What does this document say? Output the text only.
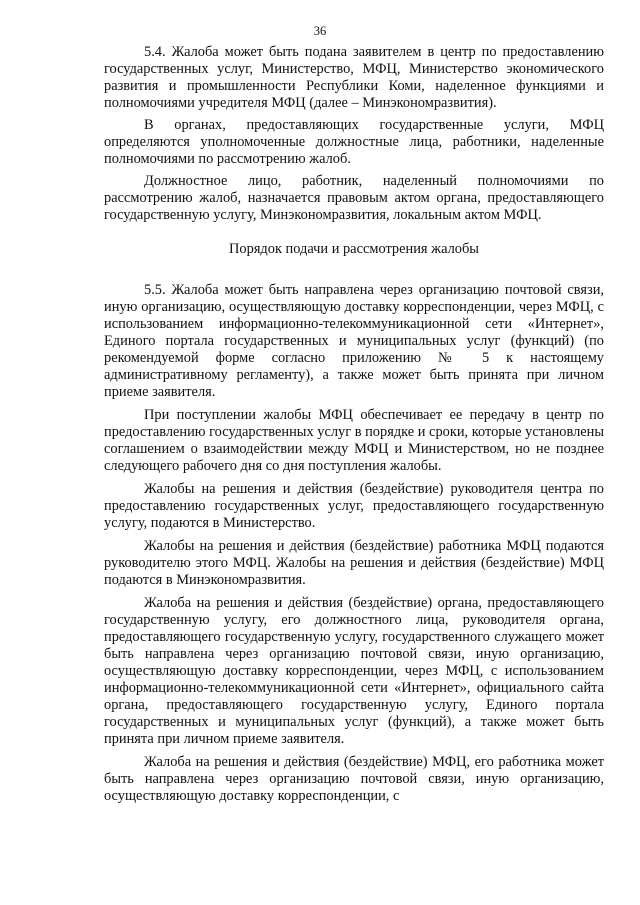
36

5.4. Жалоба может быть подана заявителем в центр по предоставлению государственных услуг, Министерство, МФЦ, Министерство экономического развития и промышленности Республики Коми, наделенное функциями и полномочиями учредителя МФЦ (далее – Минэкономразвития).

В органах, предоставляющих государственные услуги, МФЦ определяются уполномоченные должностные лица, работники, наделенные полномочиями по рассмотрению жалоб.

Должностное лицо, работник, наделенный полномочиями по рассмотрению жалоб, назначается правовым актом органа, предоставляющего государственную услугу, Минэкономразвития, локальным актом МФЦ.

Порядок подачи и рассмотрения жалобы

5.5. Жалоба может быть направлена через организацию почтовой связи, иную организацию, осуществляющую доставку корреспонденции, через МФЦ, с использованием информационно-телекоммуникационной сети «Интернет», Единого портала государственных и муниципальных услуг (функций) (по рекомендуемой форме согласно приложению № 5 к настоящему административному регламенту), а также может быть принята при личном приеме заявителя.

При поступлении жалобы МФЦ обеспечивает ее передачу в центр по предоставлению государственных услуг в порядке и сроки, которые установлены соглашением о взаимодействии между МФЦ и Министерством, но не позднее следующего рабочего дня со дня поступления жалобы.

Жалобы на решения и действия (бездействие) руководителя центра по предоставлению государственных услуг, предоставляющего государственную услугу, подаются в Министерство.

Жалобы на решения и действия (бездействие) работника МФЦ подаются руководителю этого МФЦ. Жалобы на решения и действия (бездействие) МФЦ подаются в Минэкономразвития.

Жалоба на решения и действия (бездействие) органа, предоставляющего государственную услугу, его должностного лица, руководителя органа, предоставляющего государственную услугу, государственного служащего может быть направлена через организацию почтовой связи, иную организацию, осуществляющую доставку корреспонденции, через МФЦ, с использованием информационно-телекоммуникационной сети «Интернет», официального сайта органа, предоставляющего государственную услугу, Единого портала государственных и муниципальных услуг (функций), а также может быть принята при личном приеме заявителя.

Жалоба на решения и действия (бездействие) МФЦ, его работника может быть направлена через организацию почтовой связи, иную организацию, осуществляющую доставку корреспонденции, с
